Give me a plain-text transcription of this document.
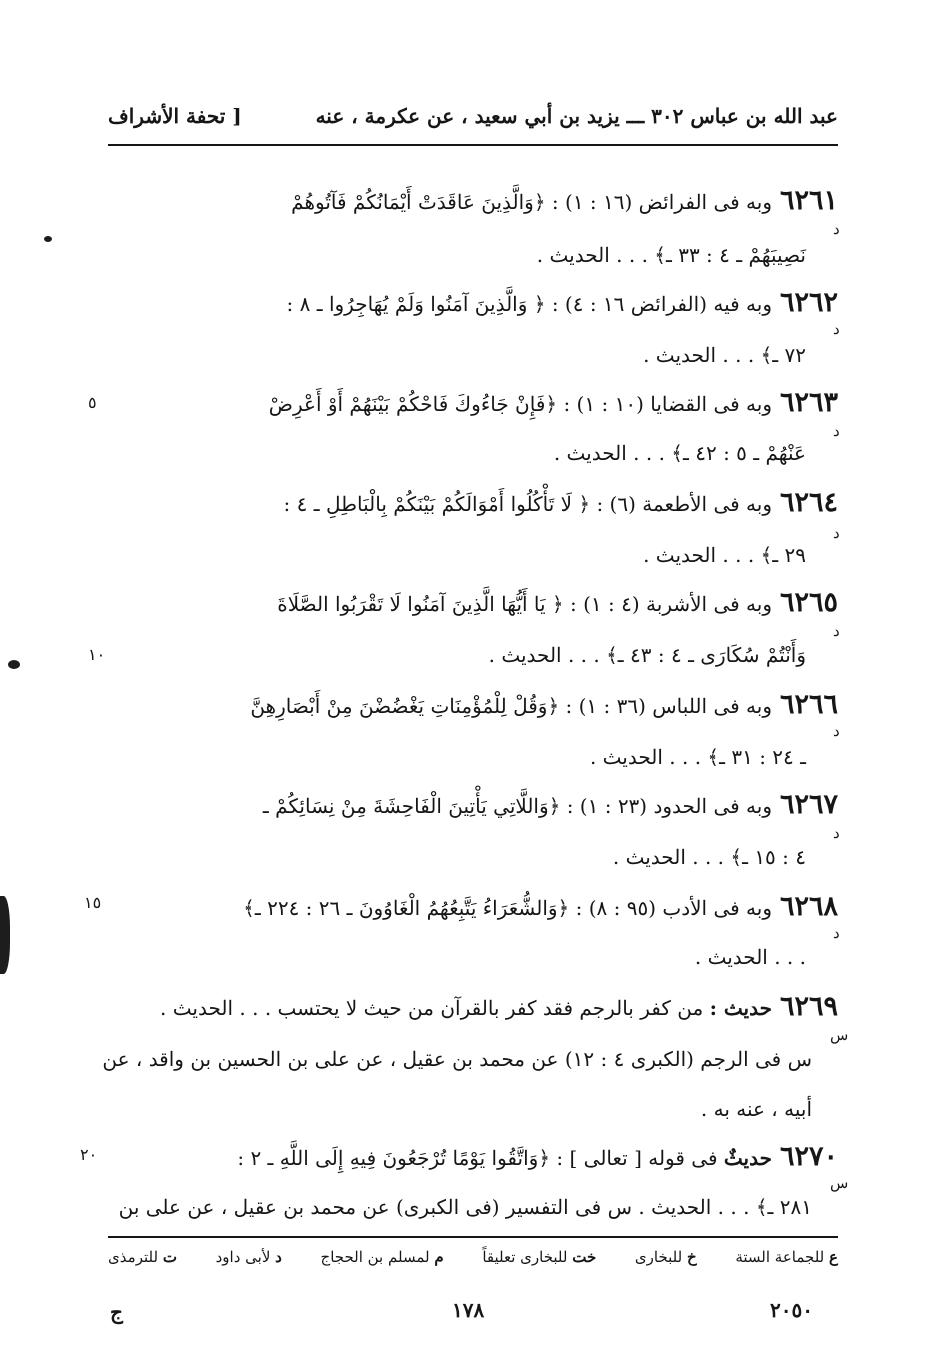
عبد الله بن عباس ٣٠٢ ـــ يزيد بن أبي سعيد ، عن عكرمة ، عنه
[ تحفة الأشراف
٦٢٦١وبه فى الفرائض (١٦ : ١) : ﴿وَالَّذِينَ عَاقَدَتْ أَيْمَانُكُمْ فَآتُوهُمْ
د
نَصِيبَهُمْ ـ ٤ : ٣٣ ـ﴾ . . . الحديث .
٦٢٦٢وبه فيه (الفرائض ١٦ : ٤) : ﴿ وَالَّذِينَ آمَنُوا وَلَمْ يُهَاجِرُوا ـ ٨ :
د
٧٢ ـ﴾ . . . الحديث .
٦٢٦٣وبه فى القضايا (١٠ : ١) : ﴿فَإِنْ جَاءُوكَ فَاحْكُمْ بَيْنَهُمْ أَوْ أَعْرِضْ
٥
د
عَنْهُمْ ـ ٥ : ٤٢ ـ﴾ . . . الحديث .
٦٢٦٤وبه فى الأطعمة (٦) : ﴿ لَا تَأْكُلُوا أَمْوَالَكُمْ بَيْنَكُمْ بِالْبَاطِلِ ـ ٤ :
د
٢٩ ـ﴾ . . . الحديث .
٦٢٦٥وبه فى الأشربة (٤ : ١) : ﴿ يَا أَيُّهَا الَّذِينَ آمَنُوا لَا تَقْرَبُوا الصَّلَاةَ
د
١٠	وَأَنْتُمْ سُكَارَى ـ ٤ : ٤٣ ـ﴾ . . . الحديث .
٦٢٦٦وبه فى اللباس (٣٦ : ١) : ﴿وَقُلْ لِلْمُؤْمِنَاتِ يَغْضُضْنَ مِنْ أَبْصَارِهِنَّ
د
ـ ٢٤ : ٣١ ـ﴾ . . . الحديث .
٦٢٦٧وبه فى الحدود (٢٣ : ١) : ﴿وَاللَّاتِي يَأْتِينَ الْفَاحِشَةَ مِنْ نِسَائِكُمْ ـ
د
٤ : ١٥ ـ﴾ . . . الحديث .
٦٢٦٨وبه فى الأدب (٩٥ : ٨) : ﴿وَالشُّعَرَاءُ يَتَّبِعُهُمُ الْغَاوُونَ ـ ٢٦ : ٢٢٤ ـ﴾
١٥
د
. . . الحديث .
٦٢٦٩حديث : من كفر بالرجم فقد كفر بالقرآن من حيث لا يحتسب . . . الحديث .
س
س فى الرجم (الكبرى ٤ : ١٢) عن محمد بن عقيل ، عن على بن الحسين بن واقد ، عن
أبيه ، عنه به .
٦٢٧٠حديثٌ فى قوله [ تعالى ] : ﴿وَاتَّقُوا يَوْمًا تُرْجَعُونَ فِيهِ إِلَى اللَّهِ ـ ٢ :
٢٠
س
٢٨١ ـ﴾ . . . الحديث . س فى التفسير (فى الكبرى) عن محمد بن عقيل ، عن على بن
ع للجماعة الستة
خ للبخارى
خت للبخارى تعليقاً
م لمسلم بن الحجاج
د لأبى داود
ت للترمذى
٢٠٥٠
١٧٨
ج
